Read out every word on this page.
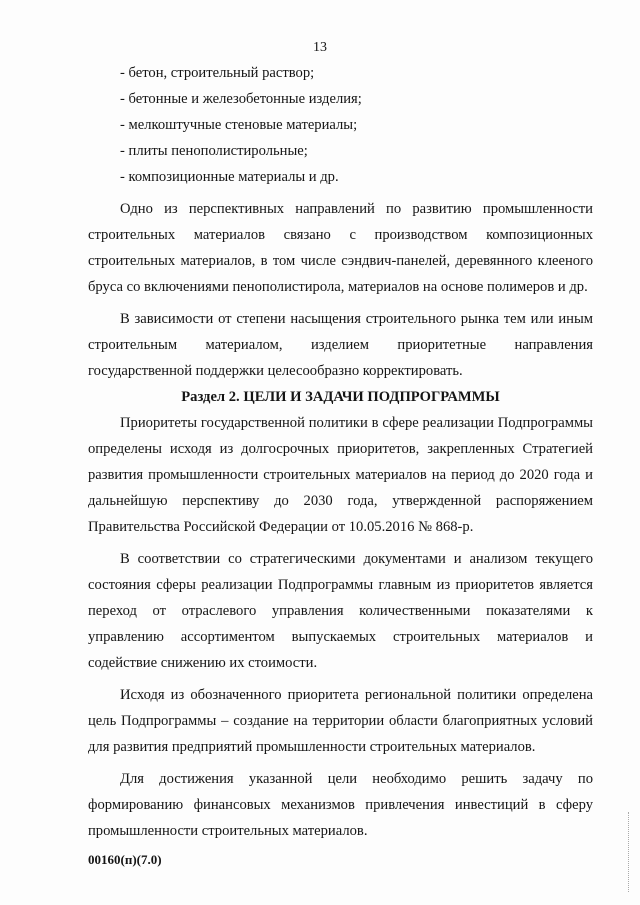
13

- бетон, строительный раствор;

- бетонные и железобетонные изделия;

- мелкоштучные стеновые материалы;

- плиты пенополистирольные;

- композиционные материалы и др.

Одно из перспективных направлений по развитию промышленности строительных материалов связано с производством композиционных строительных материалов, в том числе сэндвич-панелей, деревянного клееного бруса со включениями пенополистирола, материалов на основе полимеров и др.

В зависимости от степени насыщения строительного рынка тем или иным строительным материалом, изделием приоритетные направления государственной поддержки целесообразно корректировать.

Раздел 2. ЦЕЛИ И ЗАДАЧИ ПОДПРОГРАММЫ

Приоритеты государственной политики в сфере реализации Подпрограммы определены исходя из долгосрочных приоритетов, закрепленных Стратегией развития промышленности строительных материалов на период до 2020 года и дальнейшую перспективу до 2030 года, утвержденной распоряжением Правительства Российской Федерации от 10.05.2016 № 868-р.

В соответствии со стратегическими документами и анализом текущего состояния сферы реализации Подпрограммы главным из приоритетов является переход от отраслевого управления количественными показателями к управлению ассортиментом выпускаемых строительных материалов и содействие снижению их стоимости.

Исходя из обозначенного приоритета региональной политики определена цель Подпрограммы – создание на территории области благоприятных условий для развития предприятий промышленности строительных материалов.

Для достижения указанной цели необходимо решить задачу по формированию финансовых механизмов привлечения инвестиций в сферу промышленности строительных материалов.

00160(п)(7.0)
